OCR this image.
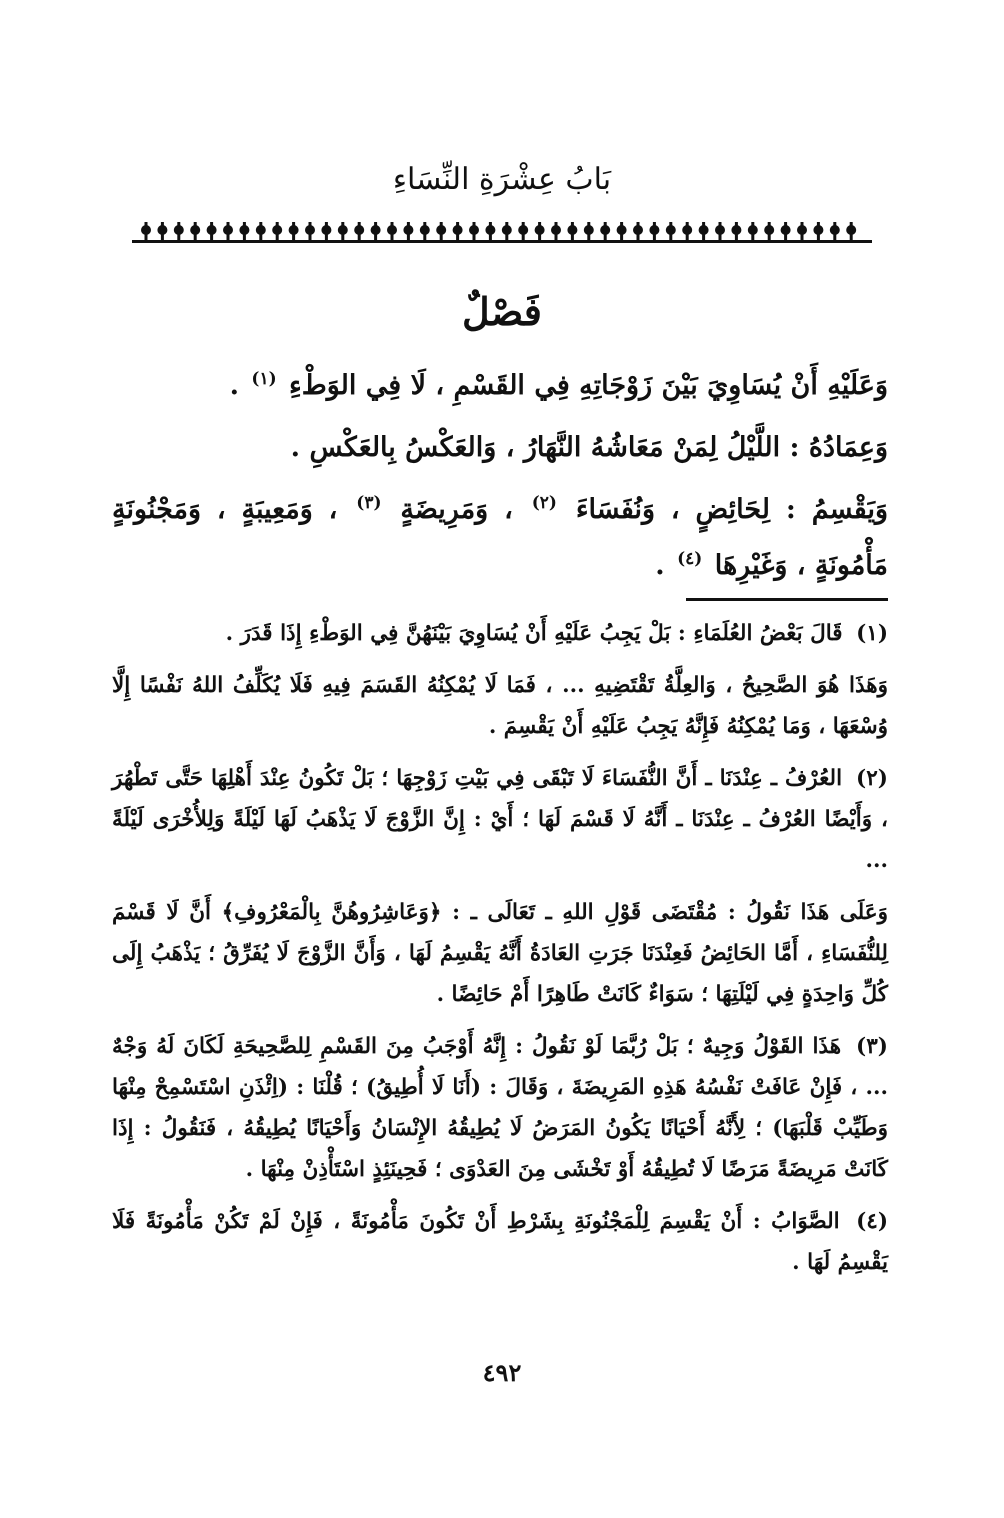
بَابُ عِشْرَةِ النِّسَاءِ
فَصْلٌ

وَعَلَيْهِ أَنْ يُسَاوِيَ بَيْنَ زَوْجَاتِهِ فِي القَسْمِ ، لَا فِي الوَطْءِ $^{(١)}$ .

وَعِمَادُهُ : اللَّيْلُ لِمَنْ مَعَاشُهُ النَّهَارُ ، وَالعَكْسُ بِالعَكْسِ .

وَيَقْسِمُ : لِحَائِضٍ ، وَنُفَسَاءَ $^{(٢)}$ ، وَمَرِيضَةٍ $^{(٣)}$ ، وَمَعِيبَةٍ ، وَمَجْنُونَةٍ مَأْمُونَةٍ ، وَغَيْرِهَا $^{(٤)}$ .

(١) قَالَ بَعْضُ العُلَمَاءِ : بَلْ يَجِبُ عَلَيْهِ أَنْ يُسَاوِيَ بَيْنَهُنَّ فِي الوَطْءِ إِذَا قَدَرَ .

وَهَذَا هُوَ الصَّحِيحُ ، وَالعِلَّةُ تَقْتَضِيهِ ... ، فَمَا لَا يُمْكِنُهُ القَسَمَ فِيهِ فَلَا يُكَلِّفُ اللهُ نَفْسًا إِلَّا وُسْعَهَا ، وَمَا يُمْكِنُهُ فَإِنَّهُ يَجِبُ عَلَيْهِ أَنْ يَقْسِمَ .

(٢) العُرْفُ ـ عِنْدَنَا ـ أَنَّ النُّفَسَاءَ لَا تَبْقَى فِي بَيْتِ زَوْجِهَا ؛ بَلْ تَكُونُ عِنْدَ أَهْلِهَا حَتَّى تَطْهُرَ ، وَأَيْضًا العُرْفُ ـ عِنْدَنَا ـ أَنَّهُ لَا قَسْمَ لَهَا ؛ أَيْ : إِنَّ الزَّوْجَ لَا يَذْهَبُ لَهَا لَيْلَةً وَلِلأُخْرَى لَيْلَةً ...

وَعَلَى هَذَا نَقُولُ : مُقْتَضَى قَوْلِ اللهِ ـ تَعَالَى ـ : ﴿وَعَاشِرُوهُنَّ بِالْمَعْرُوفِ﴾ أَنَّ لَا قَسْمَ لِلنُّفَسَاءِ ، أَمَّا الحَائِضُ فَعِنْدَنَا جَرَتِ العَادَةُ أَنَّهُ يَقْسِمُ لَهَا ، وَأَنَّ الزَّوْجَ لَا يُفَرِّقُ ؛ يَذْهَبُ إِلَى كُلِّ وَاحِدَةٍ فِي لَيْلَتِهَا ؛ سَوَاءٌ كَانَتْ طَاهِرًا أَمْ حَائِضًا .

(٣) هَذَا القَوْلُ وَجِيهٌ ؛ بَلْ رُبَّمَا لَوْ نَقُولُ : إِنَّهُ أَوْجَبُ مِنَ القَسْمِ لِلصَّحِيحَةِ لَكَانَ لَهُ وَجْهٌ ... ، فَإِنْ عَافَتْ نَفْسُهُ هَذِهِ المَرِيضَةَ ، وَقَالَ : (أَنَا لَا أُطِيقُ) ؛ قُلْنَا : (اِئْذَنِ اسْتَسْمِحْ مِنْهَا وَطَيِّبْ قَلْبَهَا) ؛ لِأَنَّهُ أَحْيَانًا يَكُونُ المَرَضُ لَا يُطِيقُهُ الإِنْسَانُ وَأَحْيَانًا يُطِيقُهُ ، فَنَقُولُ : إِذَا كَانَتْ مَرِيضَةً مَرَضًا لَا تُطِيقُهُ أَوْ تَخْشَى مِنَ العَدْوَى ؛ فَحِينَئِذٍ اسْتَأْذِنْ مِنْهَا .

(٤) الصَّوَابُ : أَنْ يَقْسِمَ لِلْمَجْنُونَةِ بِشَرْطِ أَنْ تَكُونَ مَأْمُونَةً ، فَإِنْ لَمْ تَكُنْ مَأْمُونَةً فَلَا يَقْسِمُ لَهَا .

٤٩٢
